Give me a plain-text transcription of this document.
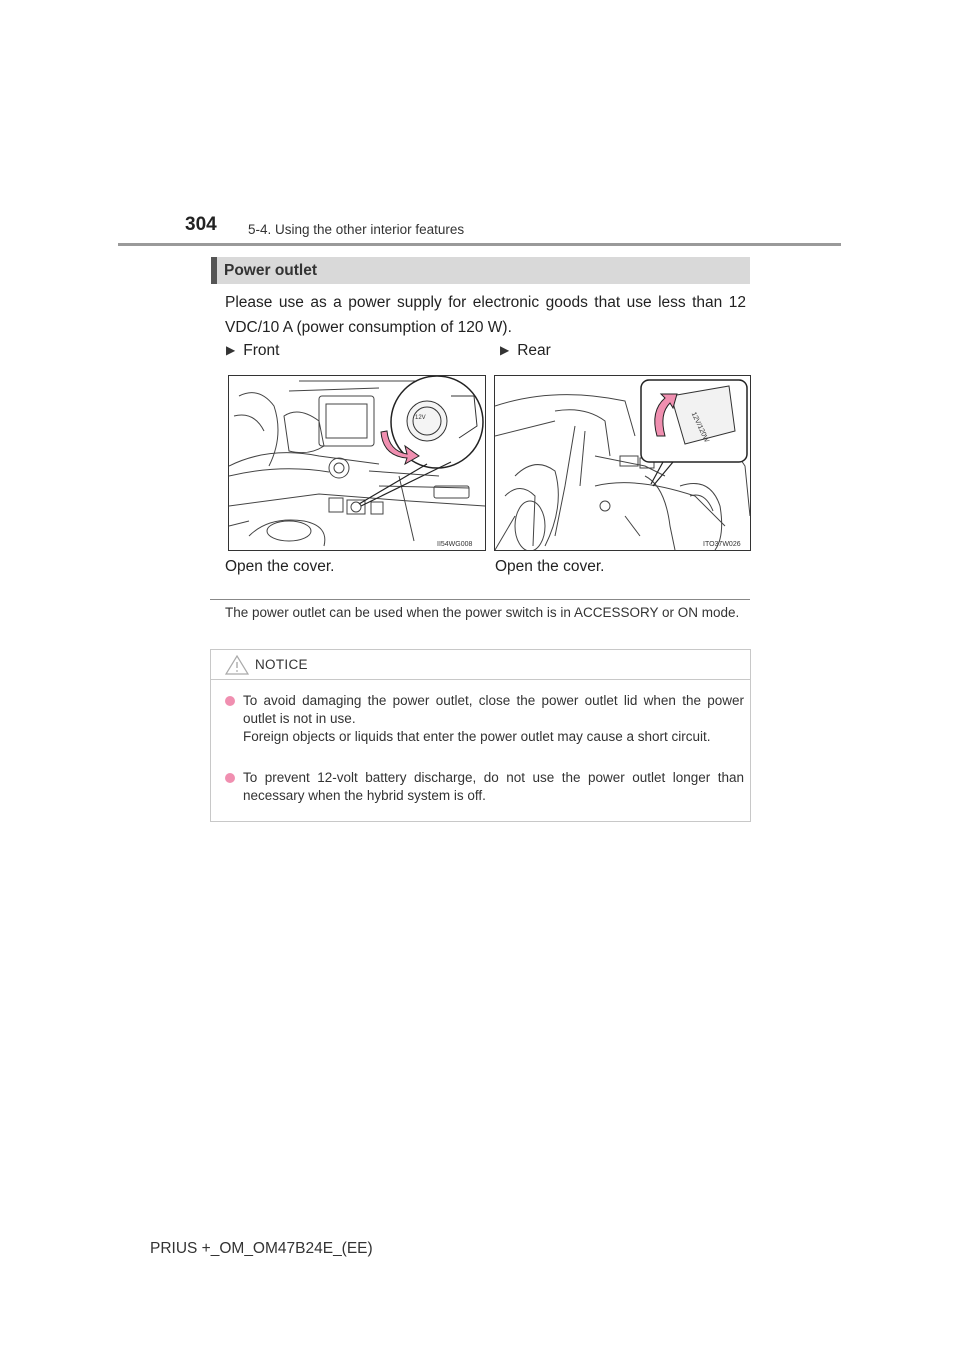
304 5-4. Using the other interior features
Power outlet
Please use as a power supply for electronic goods that use less than 12 VDC/10 A (power consumption of 120 W).
▶ Front	▶ Rear
12V
II54WG008
12V/120W
ITO37W026
Open the cover.	Open the cover.
The power outlet can be used when the power switch is in ACCESSORY or ON mode.
NOTICE
To avoid damaging the power outlet, close the power outlet lid when the power outlet is not in use.
Foreign objects or liquids that enter the power outlet may cause a short circuit.
To prevent 12-volt battery discharge, do not use the power outlet longer than necessary when the hybrid system is off.
PRIUS +_OM_OM47B24E_(EE)
